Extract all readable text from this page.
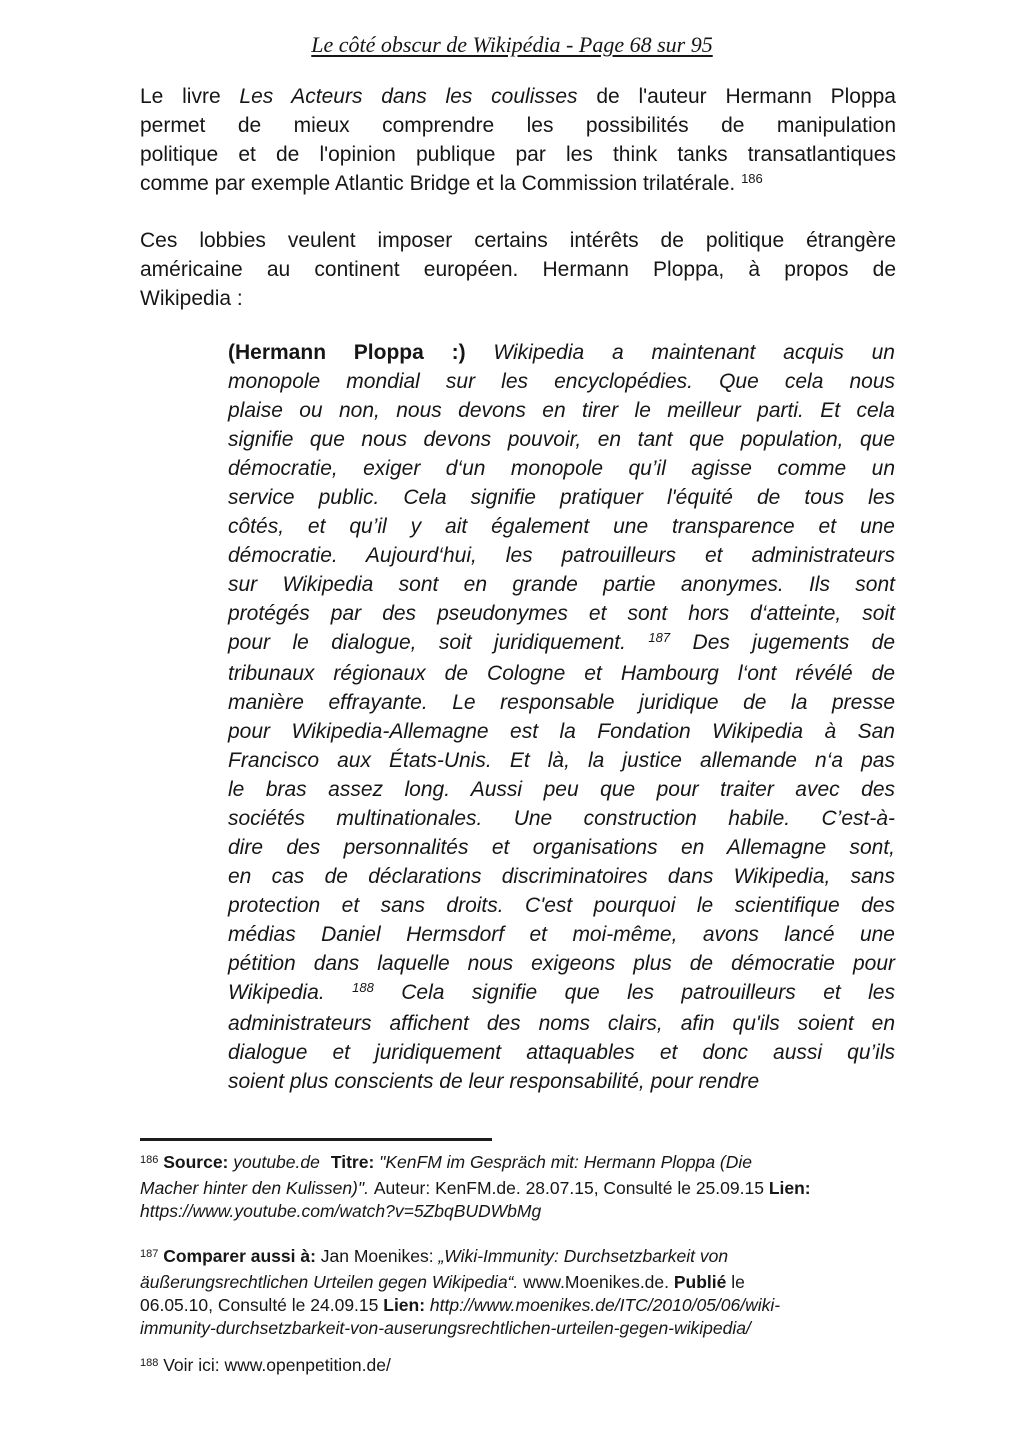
Le côté obscur de Wikipédia - Page 68 sur 95
Le livre Les Acteurs dans les coulisses de l'auteur Hermann Ploppa
permet de mieux comprendre les possibilités de manipulation
politique et de l'opinion publique par les think tanks transatlantiques
comme par exemple Atlantic Bridge et la Commission trilatérale. $^{186}$
Ces lobbies veulent imposer certains intérêts de politique étrangère
américaine au continent européen. Hermann Ploppa, à propos de
Wikipedia :
(Hermann Ploppa :) Wikipedia a maintenant acquis un
monopole mondial sur les encyclopédies. Que cela nous
plaise ou non, nous devons en tirer le meilleur parti. Et cela
signifie que nous devons pouvoir, en tant que population, que
démocratie, exiger d‘un monopole qu’il agisse comme un
service public. Cela signifie pratiquer l'équité de tous les
côtés, et qu’il y ait également une transparence et une
démocratie. Aujourd‘hui, les patrouilleurs et administrateurs
sur Wikipedia sont en grande partie anonymes. Ils sont
protégés par des pseudonymes et sont hors d‘atteinte, soit
pour le dialogue, soit juridiquement. $^{187}$ Des jugements de
tribunaux régionaux de Cologne et Hambourg l‘ont révélé de
manière effrayante. Le responsable juridique de la presse
pour Wikipedia-Allemagne est la Fondation Wikipedia à San
Francisco aux États-Unis. Et là, la justice allemande n‘a pas
le bras assez long. Aussi peu que pour traiter avec des
sociétés multinationales. Une construction habile. C’est-à-
dire des personnalités et organisations en Allemagne sont,
en cas de déclarations discriminatoires dans Wikipedia, sans
protection et sans droits. C'est pourquoi le scientifique des
médias Daniel Hermsdorf et moi-même, avons lancé une
pétition dans laquelle nous exigeons plus de démocratie pour
Wikipedia. $^{188}$ Cela signifie que les patrouilleurs et les
administrateurs affichent des noms clairs, afin qu'ils soient en
dialogue et juridiquement attaquables et donc aussi qu’ils
soient plus conscients de leur responsabilité, pour rendre
$^{186}$ Source: youtube.de Titre: "KenFM im Gespräch mit: Hermann Ploppa (Die
Macher hinter den Kulissen)". Auteur: KenFM.de. 28.07.15, Consulté le 25.09.15 Lien:
https://www.youtube.com/watch?v=5ZbqBUDWbMg
$^{187}$ Comparer aussi à: Jan Moenikes: „Wiki-Immunity: Durchsetzbarkeit von
äußerungsrechtlichen Urteilen gegen Wikipedia“. www.Moenikes.de. Publié le
06.05.10, Consulté le 24.09.15 Lien: http://www.moenikes.de/ITC/2010/05/06/wiki-
immunity-durchsetzbarkeit-von-auserungsrechtlichen-urteilen-gegen-wikipedia/
$^{188}$ Voir ici: www.openpetition.de/
